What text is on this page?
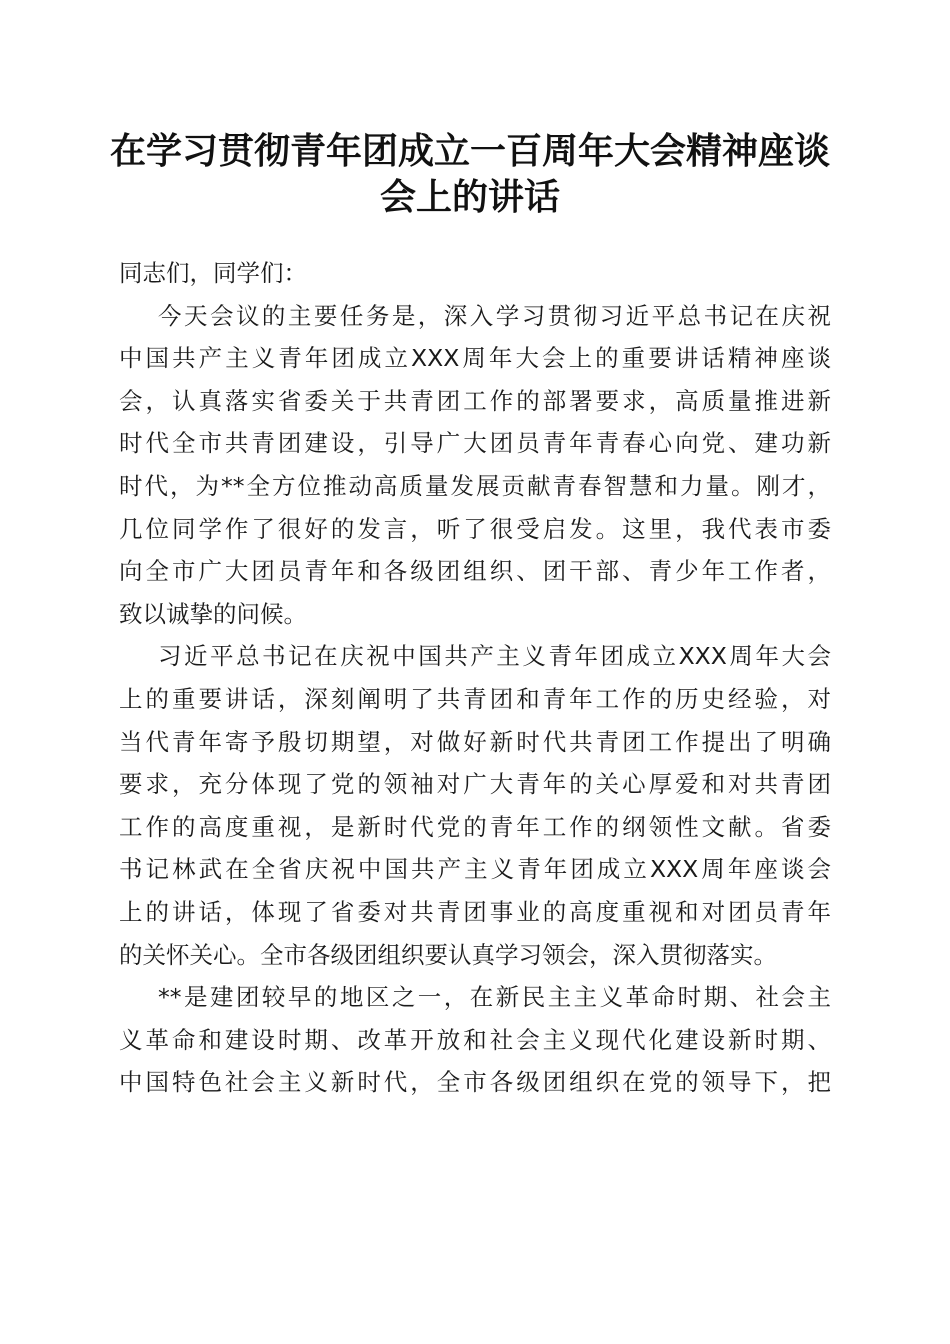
在学习贯彻青年团成立一百周年大会精神座谈
会上的讲话
同志们，同学们：
今天会议的主要任务是，深入学习贯彻习近平总书记在庆祝
中国共产主义青年团成立XXX周年大会上的重要讲话精神座谈
会，认真落实省委关于共青团工作的部署要求，高质量推进新
时代全市共青团建设，引导广大团员青年青春心向党、建功新
时代，为**全方位推动高质量发展贡献青春智慧和力量。刚才，
几位同学作了很好的发言，听了很受启发。这里，我代表市委
向全市广大团员青年和各级团组织、团干部、青少年工作者，
致以诚挚的问候。
习近平总书记在庆祝中国共产主义青年团成立XXX周年大会
上的重要讲话，深刻阐明了共青团和青年工作的历史经验，对
当代青年寄予殷切期望，对做好新时代共青团工作提出了明确
要求，充分体现了党的领袖对广大青年的关心厚爱和对共青团
工作的高度重视，是新时代党的青年工作的纲领性文献。省委
书记林武在全省庆祝中国共产主义青年团成立XXX周年座谈会
上的讲话，体现了省委对共青团事业的高度重视和对团员青年
的关怀关心。全市各级团组织要认真学习领会，深入贯彻落实。
**是建团较早的地区之一，在新民主主义革命时期、社会主
义革命和建设时期、改革开放和社会主义现代化建设新时期、
中国特色社会主义新时代，全市各级团组织在党的领导下，把
